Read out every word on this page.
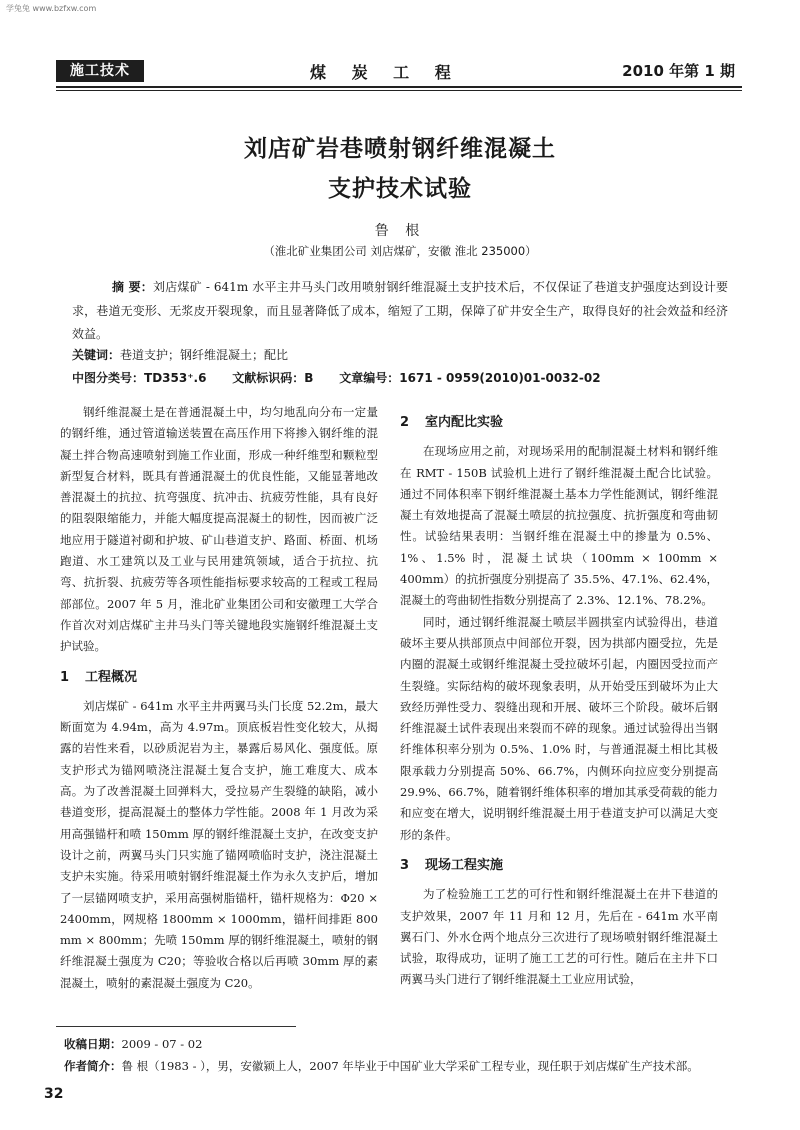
学兔兔 www.bzfxw.com
施工技术	煤 炭 工 程	2010 年第 1 期
刘店矿岩巷喷射钢纤维混凝土
支护技术试验
鲁 根
（淮北矿业集团公司 刘店煤矿，安徽 淮北 235000）
摘 要：刘店煤矿 - 641m 水平主井马头门改用喷射钢纤维混凝土支护技术后，不仅保证了巷道支护强度达到设计要求，巷道无变形、无浆皮开裂现象，而且显著降低了成本，缩短了工期，保障了矿井安全生产，取得良好的社会效益和经济效益。
关键词：巷道支护；钢纤维混凝土；配比
中图分类号：TD353⁺.6 文献标识码：B 文章编号：1671 - 0959(2010)01-0032-02

钢纤维混凝土是在普通混凝土中，均匀地乱向分布一定量的钢纤维，通过管道输送装置在高压作用下将掺入钢纤维的混凝土拌合物高速喷射到施工作业面，形成一种纤维型和颗粒型新型复合材料，既具有普通混凝土的优良性能，又能显著地改善混凝土的抗拉、抗弯强度、抗冲击、抗疲劳性能，具有良好的阻裂限缩能力，并能大幅度提高混凝土的韧性，因而被广泛地应用于隧道衬砌和护坡、矿山巷道支护、路面、桥面、机场跑道、水工建筑以及工业与民用建筑领域，适合于抗拉、抗弯、抗折裂、抗疲劳等各项性能指标要求较高的工程或工程局部部位。2007 年 5 月，淮北矿业集团公司和安徽理工大学合作首次对刘店煤矿主井马头门等关键地段实施钢纤维混凝土支护试验。

1 工程概况

刘店煤矿 - 641m 水平主井两翼马头门长度 52.2m，最大断面宽为 4.94m，高为 4.97m。顶底板岩性变化较大，从揭露的岩性来看，以砂质泥岩为主，暴露后易风化、强度低。原支护形式为锚网喷浇注混凝土复合支护，施工难度大、成本高。为了改善混凝土回弹料大，受拉易产生裂缝的缺陷，减小巷道变形，提高混凝土的整体力学性能。2008 年 1 月改为采用高强锚杆和喷 150mm 厚的钢纤维混凝土支护，在改变支护设计之前，两翼马头门只实施了锚网喷临时支护，浇注混凝土支护未实施。待采用喷射钢纤维混凝土作为永久支护后，增加了一层锚网喷支护，采用高强树脂锚杆，锚杆规格为：Φ20 × 2400mm，网规格 1800mm × 1000mm，锚杆间排距 800 mm × 800mm；先喷 150mm 厚的钢纤维混凝土，喷射的钢纤维混凝土强度为 C20；等验收合格以后再喷 30mm 厚的素混凝土，喷射的素混凝土强度为 C20。

2 室内配比实验

在现场应用之前，对现场采用的配制混凝土材料和钢纤维在 RMT - 150B 试验机上进行了钢纤维混凝土配合比试验。通过不同体积率下钢纤维混凝土基本力学性能测试，钢纤维混凝土有效地提高了混凝土喷层的抗拉强度、抗折强度和弯曲韧性。试验结果表明：当钢纤维在混凝土中的掺量为 0.5%、1%、1.5% 时，混凝土试块（100mm × 100mm × 400mm）的抗折强度分别提高了 35.5%、47.1%、62.4%，混凝土的弯曲韧性指数分别提高了 2.3%、12.1%、78.2%。

同时，通过钢纤维混凝土喷层半圆拱室内试验得出，巷道破坏主要从拱部顶点中间部位开裂，因为拱部内圈受拉，先是内圈的混凝土或钢纤维混凝土受拉破坏引起，内圈因受拉而产生裂缝。实际结构的破坏现象表明，从开始受压到破坏为止大致经历弹性受力、裂缝出现和开展、破坏三个阶段。破坏后钢纤维混凝土试件表现出来裂而不碎的现象。通过试验得出当钢纤维体积率分别为 0.5%、1.0% 时，与普通混凝土相比其极限承载力分别提高 50%、66.7%，内侧环向拉应变分别提高 29.9%、66.7%，随着钢纤维体积率的增加其承受荷载的能力和应变在增大，说明钢纤维混凝土用于巷道支护可以满足大变形的条件。

3 现场工程实施

为了检验施工工艺的可行性和钢纤维混凝土在井下巷道的支护效果，2007 年 11 月和 12 月，先后在 - 641m 水平南翼石门、外水仓两个地点分三次进行了现场喷射钢纤维混凝土试验，取得成功，证明了施工工艺的可行性。随后在主井下口两翼马头门进行了钢纤维混凝土工业应用试验，

收稿日期：2009 - 07 - 02
作者简介：鲁 根（1983 - ），男，安徽颍上人，2007 年毕业于中国矿业大学采矿工程专业，现任职于刘店煤矿生产技术部。
32
